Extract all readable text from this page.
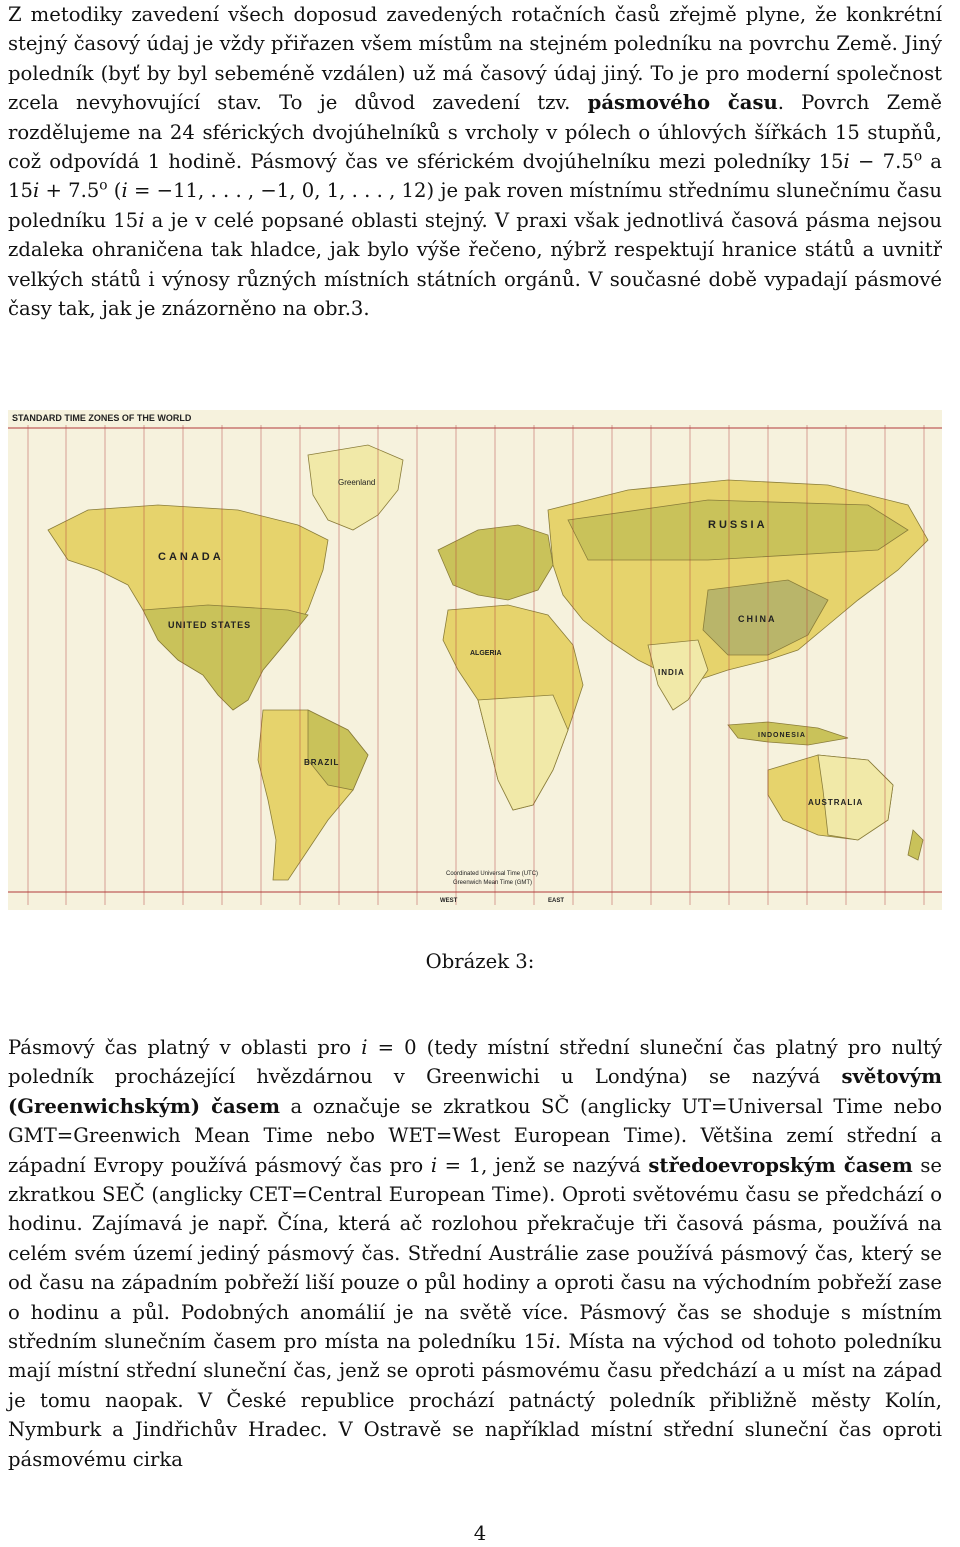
Z metodiky zavedení všech doposud zavedených rotačních časů zřejmě plyne, že konkrétní stejný časový údaj je vždy přiřazen všem místům na stejném poledníku na povrchu Země. Jiný poledník (byť by byl sebeméně vzdálen) už má časový údaj jiný. To je pro moderní společnost zcela nevyhovující stav. To je důvod zavedení tzv. pásmového času. Povrch Země rozdělujeme na 24 sférických dvojúhelníků s vrcholy v pólech o úhlových šířkách 15 stupňů, což odpovídá 1 hodině. Pásmový čas ve sférickém dvojúhelníku mezi poledníky $15i - 7.5^o$ a $15i + 7.5^o$ (i = −11, . . . , −1, 0, 1, . . . , 12) je pak roven místnímu střednímu slunečnímu času poledníku 15i a je v celé popsané oblasti stejný. V praxi však jednotlivá časová pásma nejsou zdaleka ohraničena tak hladce, jak bylo výše řečeno, nýbrž respektují hranice států a uvnitř velkých států i výnosy různých místních státních orgánů. V současné době vypadají pásmové časy tak, jak je znázorněno na obr.3.

STANDARD TIME ZONES OF THE WORLD
Greenland
CANADA
UNITED STATES
RUSSIA
CHINA
INDIA
ALGERIA
BRAZIL
INDONESIA
AUSTRALIA
Coordinated Universal Time (UTC)
Greenwich Mean Time (GMT)
WEST	EAST
Obrázek 3:

Pásmový čas platný v oblasti pro i = 0 (tedy místní střední sluneční čas platný pro nultý poledník procházející hvězdárnou v Greenwichi u Londýna) se nazývá světovým (Greenwichským) časem a označuje se zkratkou SČ (anglicky UT=Universal Time nebo GMT=Greenwich Mean Time nebo WET=West European Time). Většina zemí střední a západní Evropy používá pásmový čas pro i = 1, jenž se nazývá středoevropským časem se zkratkou SEČ (anglicky CET=Central European Time). Oproti světovému času se předchází o hodinu. Zajímavá je např. Čína, která ač rozlohou překračuje tři časová pásma, používá na celém svém území jediný pásmový čas. Střední Austrálie zase používá pásmový čas, který se od času na západním pobřeží liší pouze o půl hodiny a oproti času na východním pobřeží zase o hodinu a půl. Podobných anomálií je na světě více. Pásmový čas se shoduje s místním středním slunečním časem pro místa na poledníku 15i. Místa na východ od tohoto poledníku mají místní střední sluneční čas, jenž se oproti pásmovému času předchází a u míst na západ je tomu naopak. V České republice prochází patnáctý poledník přibližně městy Kolín, Nymburk a Jindřichův Hradec. V Ostravě se například místní střední sluneční čas oproti pásmovému cirka

4
